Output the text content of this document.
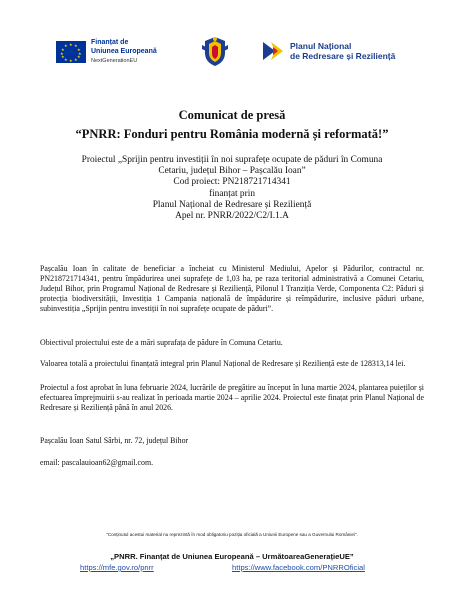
★ ★
★
★
★
★
★
★
★
★
★
★	Finanțat de
Uniunea Europeană
NextGenerationEU
Planul Național
de Redresare și Reziliență
Comunicat de presă
“PNRR: Fonduri pentru România modernă și reformată!”
Proiectul „Sprijin pentru investiții în noi suprafețe ocupate de păduri în Comuna
Cetariu, județul Bihor – Pașcalău Ioan”
Cod proiect: PN218721714341
finanțat prin
Planul Național de Redresare și Reziliență
Apel nr. PNRR/2022/C2/I.1.A
Pașcalău Ioan în calitate de beneficiar a încheiat cu Ministerul Mediului, Apelor și Pădurilor, contractul nr. PN218721714341, pentru împădurirea unei suprafețe de 1,03 ha, pe raza teritorial administrativă a Comunei Cetariu, Județul Bihor, prin Programul Național de Redresare și Reziliență, Pilonul I Tranziția Verde, Componenta C2: Păduri și protecția biodiversității, Investiția 1 Campania națională de împădurire și reîmpădurire, inclusive păduri urbane, subinvestiția „Sprijin pentru investiții în noi suprafețe ocupate de păduri”.
Obiectivul proiectului este de a mări suprafața de pădure în Comuna Cetariu.
Valoarea totală a proiectului finanțată integral prin Planul Național de Redresare și Reziliență este de 128313,14 lei.
Proiectul a fost aprobat în luna februarie 2024, lucrările de pregătire au început în luna martie 2024, plantarea puieților și efectuarea împrejmuirii s-au realizat în perioada martie 2024 – aprilie 2024. Proiectul este finațat prin Planul Național de Redresare și Reziliență până în anul 2026.
Pașcalău Ioan Satul Sârbi, nr. 72, județul Bihor
email: pascalauioan62@gmail.com.
“Conținutul acestui material nu reprezintă în mod obligatoriu poziția oficială a Uniunii Europene sau a Guvernului României”.
„PNRR. Finanțat de Uniunea Europeană – UrmătoareaGenerațieUE”
https://mfe.gov.ro/pnrr	https://www.facebook.com/PNRROficial
